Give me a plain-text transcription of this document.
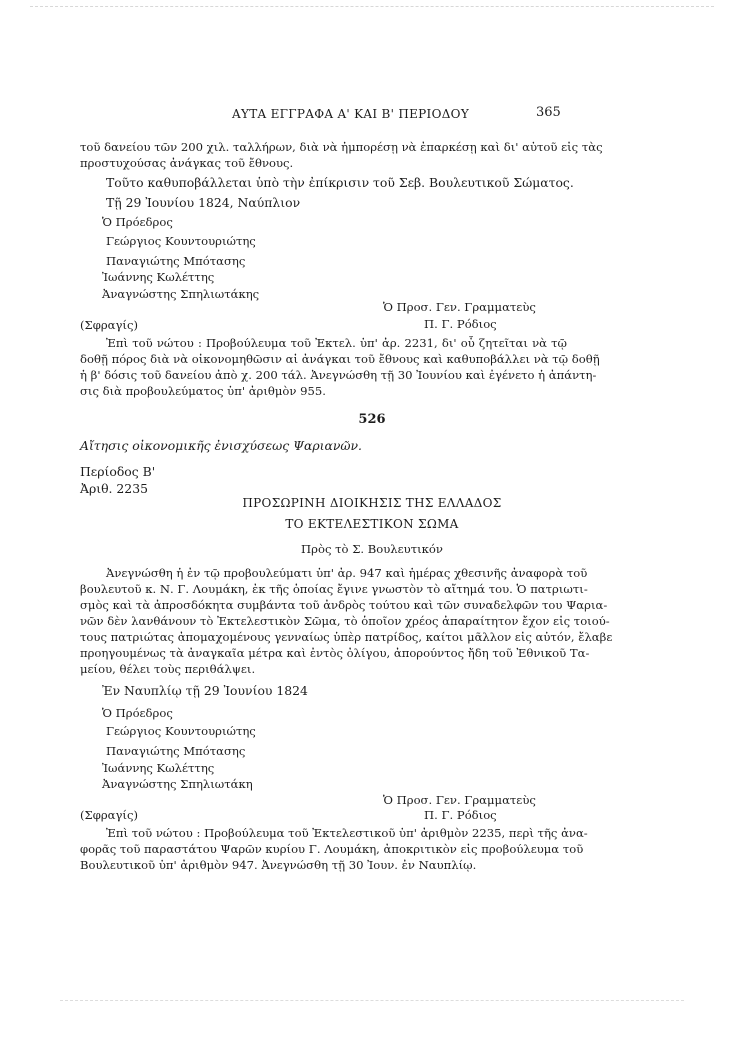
ΑΥΤΑ ΕΓΓΡΑΦΑ Α' ΚΑΙ Β' ΠΕΡΙΟΔΟΥ	365

τοῦ δανείου τῶν 200 χιλ. ταλλήρων, διὰ νὰ ἠμπορέσῃ νὰ ἐπαρκέσῃ καὶ δι' αὐτοῦ εἰς τὰς

προστυχούσας ἀνάγκας τοῦ ἔθνους.

Τοῦτο καθυποβάλλεται ὑπὸ τὴν ἐπίκρισιν τοῦ Σεβ. Βουλευτικοῦ Σώματος.

Τῇ 29 Ἰουνίου 1824, Ναύπλιον

Ὁ Πρόεδρος

Γεώργιος Κουντουριώτης

Παναγιώτης Μπότασης

Ἰωάννης Κωλέττης

Ἀναγνώστης Σπηλιωτάκης

Ὁ Προσ. Γεν. Γραμματεὺς

(Σφραγίς)	Π. Γ. Ρόδιος

Ἐπὶ τοῦ νώτου : Προβούλευμα τοῦ Ἐκτελ. ὑπ' ἀρ. 2231, δι' οὗ ζητεῖται νὰ τῷ

δοθῇ πόρος διὰ νὰ οἰκονομηθῶσιν αἱ ἀνάγκαι τοῦ ἔθνους καὶ καθυποβάλλει νὰ τῷ δοθῇ

ἡ β' δόσις τοῦ δανείου ἀπὸ χ. 200 τάλ. Ἀνεγνώσθη τῇ 30 Ἰουνίου καὶ ἐγένετο ἡ ἀπάντη-

σις διὰ προβουλεύματος ὑπ' ἀριθμὸν 955.

526

Αἴτησις οἰκονομικῆς ἐνισχύσεως Ψαριανῶν.

Περίοδος Β'

Ἀριθ. 2235

ΠΡΟΣΩΡΙΝΗ ΔΙΟΙΚΗΣΙΣ ΤΗΣ ΕΛΛΑΔΟΣ

ΤΟ ΕΚΤΕΛΕΣΤΙΚΟΝ ΣΩΜΑ

Πρὸς τὸ Σ. Βουλευτικόν

Ἀνεγνώσθη ἡ ἐν τῷ προβουλεύματι ὑπ' ἀρ. 947 καὶ ἡμέρας χθεσινῆς ἀναφορὰ τοῦ

βουλευτοῦ κ. Ν. Γ. Λουμάκη, ἐκ τῆς ὁποίας ἔγινε γνωστὸν τὸ αἴτημά του. Ὁ πατριωτι-

σμὸς καὶ τὰ ἀπροσδόκητα συμβάντα τοῦ ἀνδρὸς τούτου καὶ τῶν συναδελφῶν του Ψαρια-

νῶν δὲν λανθάνουν τὸ Ἐκτελεστικὸν Σῶμα, τὸ ὁποῖον χρέος ἀπαραίτητον ἔχον εἰς τοιού-

τους πατριώτας ἀπομαχομένους γενναίως ὑπὲρ πατρίδος, καίτοι μᾶλλον εἰς αὐτόν, ἔλαβε

προηγουμένως τὰ ἀναγκαῖα μέτρα καὶ ἐντὸς ὀλίγου, ἀπορούντος ἤδη τοῦ Ἐθνικοῦ Τα-

μείου, θέλει τοὺς περιθάλψει.

Ἐν Ναυπλίῳ τῇ 29 Ἰουνίου 1824

Ὁ Πρόεδρος

Γεώργιος Κουντουριώτης

Παναγιώτης Μπότασης

Ἰωάννης Κωλέττης

Ἀναγνώστης Σπηλιωτάκη

Ὁ Προσ. Γεν. Γραμματεὺς

(Σφραγίς)	Π. Γ. Ρόδιος

Ἐπὶ τοῦ νώτου : Προβούλευμα τοῦ Ἐκτελεστικοῦ ὑπ' ἀριθμὸν 2235, περὶ τῆς ἀνα-

φορᾶς τοῦ παραστάτου Ψαρῶν κυρίου Γ. Λουμάκη, ἀποκριτικὸν εἰς προβούλευμα τοῦ

Βουλευτικοῦ ὑπ' ἀριθμὸν 947. Ἀνεγνώσθη τῇ 30 Ἰουν. ἐν Ναυπλίῳ.
